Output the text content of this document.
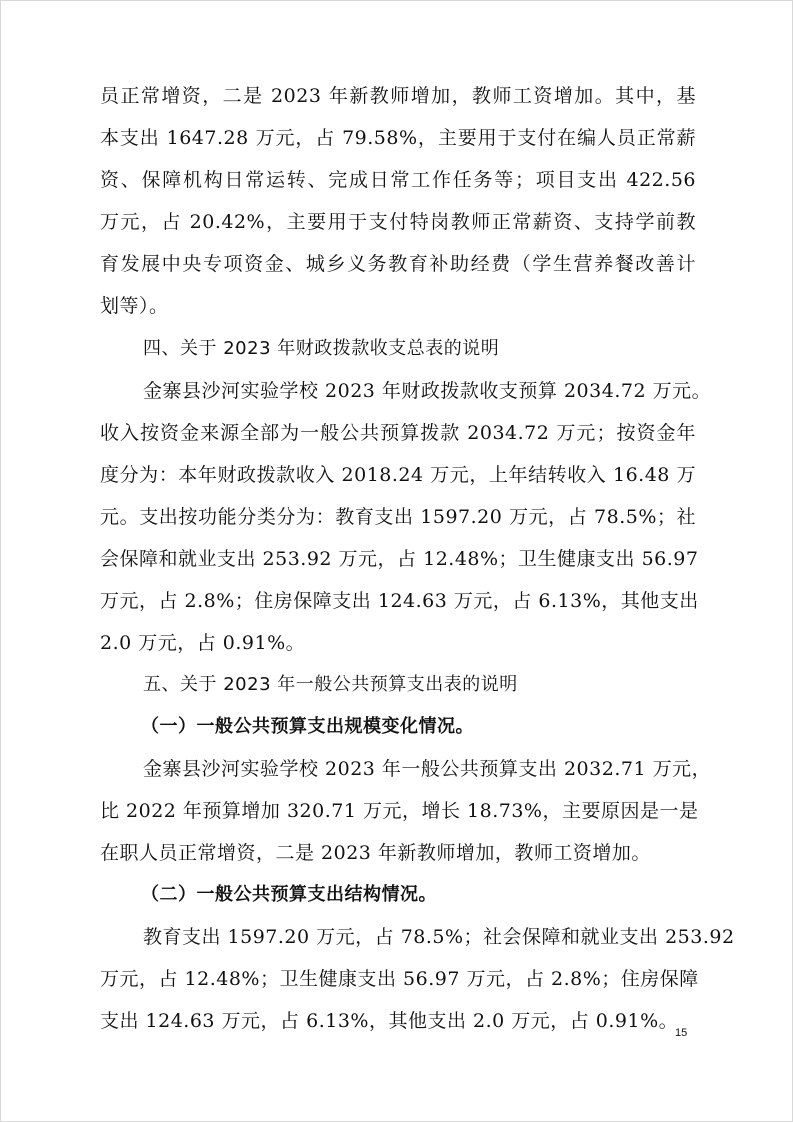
员正常增资，二是 2023 年新教师增加，教师工资增加。其中，基
本支出 1647.28 万元，占 79.58%，主要用于支付在编人员正常薪
资、保障机构日常运转、完成日常工作任务等；项目支出 422.56
万元，占 20.42%，主要用于支付特岗教师正常薪资、支持学前教
育发展中央专项资金、城乡义务教育补助经费（学生营养餐改善计
划等）。
四、关于 2023 年财政拨款收支总表的说明
金寨县沙河实验学校 2023 年财政拨款收支预算 2034.72 万元。
收入按资金来源全部为一般公共预算拨款 2034.72 万元；按资金年
度分为：本年财政拨款收入 2018.24 万元，上年结转收入 16.48 万
元。支出按功能分类分为：教育支出 1597.20 万元，占 78.5%；社
会保障和就业支出 253.92 万元，占 12.48%；卫生健康支出 56.97
万元，占 2.8%；住房保障支出 124.63 万元，占 6.13%，其他支出
2.0 万元，占 0.91%。
五、关于 2023 年一般公共预算支出表的说明
（一）一般公共预算支出规模变化情况。
金寨县沙河实验学校 2023 年一般公共预算支出 2032.71 万元，
比 2022 年预算增加 320.71 万元，增长 18.73%，主要原因是一是
在职人员正常增资，二是 2023 年新教师增加，教师工资增加。
（二）一般公共预算支出结构情况。
教育支出 1597.20 万元，占 78.5%；社会保障和就业支出 253.92
万元，占 12.48%；卫生健康支出 56.97 万元，占 2.8%；住房保障
支出 124.63 万元，占 6.13%，其他支出 2.0 万元，占 0.91%。
15
